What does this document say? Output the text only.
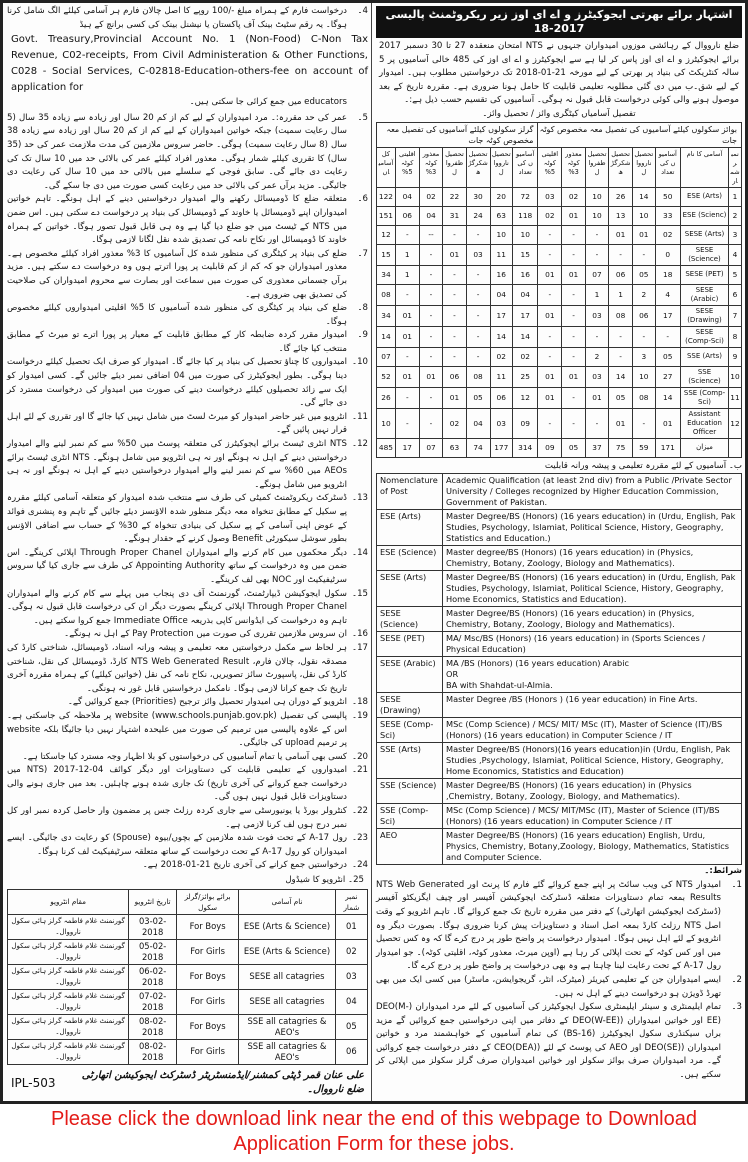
اشتہار برائے بھرتی ایجوکیٹرز و اے ای اوز زیر ریکروٹمنٹ پالیسی 2017-18

ضلع نارووال کے رہائشی موزوں امیدواران جنہوں نے NTS امتحان منعقدہ 27 تا 30 دسمبر 2017 برائے ایجوکیٹرز و اے ای اوز پاس کر لیا ہے سے ایجوکیٹرز و اے ای اوز کی 485 خالی آسامیوں پر 5 سالہ کنٹریکٹ کی بنیاد پر بھرتی کے لیے مورخہ 21-01-2018 تک درخواستیں مطلوب ہیں۔ امیدوار کے لیے شق۔ب میں دی گئی مطلوبہ تعلیمی قابلیت کا حامل ہونا ضروری ہے۔ مقررہ تاریخ کے بعد موصول ہونے والی کوئی درخواست قابل قبول نہ ہوگی۔ آسامیوں کی تقسیم حسب ذیل ہے:۔

تفصیل آسامیاں کیٹگری وائز / تحصیل وائز۔

بوائز سکولوں کیلئے آسامیوں کی تفصیل معہ مخصوص کوٹہ جات								گرلز سکولوں کیلئے آسامیوں کی تفصیل معہ مخصوص کوٹہ جات						
نمبر شمار	آسامی کا نام	آسامیوں کی تعداد	تحصیل نارووال	تحصیل شکرگڑھ	تحصیل ظفروال	معذور کوٹہ 3%	اقلیتی کوٹہ 5%	آسامیوں کی تعداد	تحصیل نارووال	تحصیل شکرگڑھ	تحصیل ظفروال	معذور کوٹہ 3%	اقلیتی کوٹہ 5%	کل آسامیاں
1	ESE (Arts)	50	14	26	10	02	03	72	20	30	22	02	04	122
2	ESE (Scienc)	33	10	13	10	01	02	118	63	24	31	04	06	151
3	SESE (Arts)	02	01	01	-	-	-	10	10	-	-	--	-	12
4	SESE (Science)	0	-	-	-	-	-	15	11	03	01	-	1	15
5	SESE (PET)	18	05	06	07	01	01	16	16	-	-	-	1	34
6	SESE (Arabic)	4	2	1	1	-	-	04	04	-	-	-	-	08
7	SESE (Drawing)	17	06	08	03	-	01	17	17	-	-	-	01	34
8	SESE (Comp-Sci)	-	-	-	-	-	-	14	14	-	-	-	01	14
9	SSE (Arts)	05	3	-	2	-	-	02	02	-	-	-	-	07
10	SSE (Science)	27	10	14	03	01	01	25	11	08	06	01	01	52
11	SSE (Comp-Sci)	14	08	05	01	-	01	12	06	05	01	-	-	26
12	Assistant Education Officer	01	-	01	-	-	-	09	03	04	02	-	-	10
	میزان	171	59	75	37	05	09	314	177	74	63	07	17	485

ب۔ آسامیوں کے لئے مقررہ تعلیمی و پیشہ ورانہ قابلیت

Nomenclature of Post	Academic Qualification (at least 2nd div) from a Public /Private Sector University / Colleges recognized by Higher Education Commission, Government of Pakistan.
ESE (Arts)	Master Degree/BS (Honors) (16 years education) in (Urdu, English, Pak Studies, Psychology, Islamiat, Political Science, History, Geography, Statistics and Education.)
ESE (Science)	Master degree/BS (Honors) (16 years education) in (Physics, Chemistry, Botany, Zoology, Biology and Mathematics).
SESE (Arts)	Master Degree/BS (Honors) (16 years education) in (Urdu, English, Pak Studies, Psychology, Islamiat, Political Science, History, Geography, Home Economics, Statistics and Education).
SESE (Science)	Master Degree/BS (Honors) (16 years education) in (Physics, Chemistry, Botany, Zoology, Biology and Mathematics).
SESE (PET)	MA/ Msc/BS (Honors) (16 years education) in (Sports Sciences / Physical Education)
SESE (Arabic)	MA /BS (Honors) (16 years education) Arabic
OR
BA with Shahdat-ul-Almia.
SESE (Drawing)	Master Degree /BS (Honors ) (16 year education) in Fine Arts.
SESE (Comp-Sci)	MSc (Comp Science) / MCS/ MIT/ MSc (IT), Master of Science (IT)/BS (Honors) (16 years education) in Computer Science / IT
SSE (Arts)	Master Degree/BS (Honors)(16 years education)in (Urdu, English, Pak Studies ,Psychology, Islamiat, Political Science, History, Geography, Home Economics, Statistics and Education)
SSE (Science)	Master Degree/BS (Honors) (16 years education) in (Physics ,Chemistry, Botany, Zoology, Biology, and Mathematics).
SSE (Comp-Sci)	MSc (Comp Science) / MCS/ MIT/MSc (IT), Master of Science (IT)/BS (Honors) (16 years education) in Computer Science / IT
AEO	Master Degree/BS (Honors) (16 years education) English, Urdu, Physics, Chemistry, Botany,Zoology, Biology, Mathematics, Statistics and Computer Science.

شرائط:۔

1۔
امیدوار NTS کی ویب سائٹ پر اپنے جمع کروائے گئے فارم کا پرنٹ اور NTS Web Generated Results بمعہ تمام دستاویزات متعلقہ ڈسٹرکٹ ایجوکیشن آفیسر اور چیف ایگزیکٹو آفیسر (ڈسٹرکٹ ایجوکیشن اتھارٹی) کے دفتر میں مقررہ تاریخ تک جمع کروائے گا۔ تاہم انٹرویو کے وقت اصل NTS رزلٹ کارڈ بمعہ اصل اسناد و دستاویزات پیش کرنا ضروری ہوگا۔ بصورت دیگر وہ انٹرویو کے لئے اہل نہیں ہوگا۔ امیدوار درخواست پر واضح طور پر درج کرے گا کہ وہ کس تحصیل میں اور کس کوٹہ کے تحت اپلائی کر رہا ہے (اوپن میرٹ، معذور کوٹہ، اقلیتی کوٹہ)۔ جو امیدوار رول 17-A کے تحت رعایت لینا چاہتا ہے وہ بھی درخواست پر واضح طور پر درج کرے گا۔
2۔
ایسے امیدواران جن کے تعلیمی کیریئر (میٹرک، انٹر، گریجوایشن، ماسٹر) میں کسی ایک میں بھی تھرڈ ڈویژن ہو درخواست دینے کے اہل نہ ہیں۔
3۔
تمام ایلیمنٹری و سینئر ایلیمنٹری سکول ایجوکیٹرز کی آسامیوں کے لئے مرد امیدواران (DEO(M-EE) اور خواتین امیدواران (DEO(W-EE) کے دفاتر میں اپنی درخواستیں جمع کروائیں گے مزید براں سیکنڈری سکول ایجوکیٹرز (BS-16) کی تمام آسامیوں کے خواہشمند مرد و خواتین امیدواران (DEO(SE) اور AEO کی پوسٹ کے لئے (CEO(DEA) کے دفتر درخواست جمع کروائیں گے۔ مرد امیدواران صرف بوائز سکولز اور خواتین امیدواران صرف گرلز سکولز میں اپلائی کر سکتے ہیں۔
4۔
درخواست فارم کے ہمراہ مبلغ -/100 روپے کا اصل چالان فارم ہر آسامی کیلئے الگ شامل کرنا ہوگا۔ یہ رقم سٹیٹ بینک آف پاکستان یا نیشنل بینک کی کسی برانچ کے ہیڈ

Govt. Treasury,Provincial Account No. 1 (Non-Food) C-Non Tax Revenue, C02-receipts, From Civil Administeration & Other Functions, C028 - Social Services, C-02818-Education-others-fee on account of application for

educators میں جمع کرائی جا سکتی ہیں۔

5۔
عمر کی حد مقررہ:۔ مرد امیدواران کے لیے کم از کم 20 سال اور زیادہ سے زیادہ 35 سال (5 سال رعایت سمیت) جبکہ خواتین امیدواران کے لیے کم از کم 20 سال اور زیادہ سے زیادہ 38 سال (8 سال رعایت سمیت) ہوگی۔ حاضر سروس ملازمین کی مدت ملازمت عمر کی حد (35 سال) کا تقرری کیلئے شمار ہوگی۔ معذور افراد کیلئے عمر کی بالائی حد میں 10 سال تک کی رعایت دی جائے گی۔ سابق فوجی کے سلسلے میں بالائی حد میں 10 سال کی رعایت دی جائیگی۔ مزید برآں عمر کی بالائی حد میں رعایت کسی صورت میں دی جا سکے گی۔
6۔
متعلقہ ضلع کا ڈومیسائل رکھنے والے امیدوار درخواستیں دینے کے اہل ہونگے۔ تاہم خواتین امیدواران اپنے ڈومیسائل یا خاوند کے ڈومیسائل کی بنیاد پر درخواست دے سکتی ہیں۔ اس ضمن میں NTS کے ٹیسٹ میں جو ضلع دیا گیا ہے وہ ہی قابل قبول تصور ہوگا۔ خواتین کے ہمراہ خاوند کا ڈومیسائل اور نکاح نامہ کی تصدیق شدہ نقل لگانا لازمی ہوگا۔
7۔
ضلع کی بنیاد پر کیٹگری کی منظور شدہ کل آسامیوں کا 3% معذور افراد کیلئے مخصوص ہے۔ معذور امیدواران جو کہ کم از کم قابلیت پر پورا اترتے ہوں وہ درخواست دے سکتے ہیں۔ مزید برآں جسمانی معذوری کی صورت میں سماعت اور بصارت سے محروم امیدواران کی صلاحیت کی تصدیق بھی ضروری ہے۔
8۔
ضلع کی بنیاد پر کیٹگری کی منظور شدہ آسامیوں کا 5% اقلیتی امیدواروں کیلئے مخصوص ہوگا۔
9۔
امیدوار مقرر کردہ ضابطہ کار کے مطابق قابلیت کے معیار پر پورا اترے تو میرٹ کے مطابق منتخب کیا جائے گا۔
10۔
امیدواروں کا چناؤ تحصیل کی بنیاد پر کیا جائے گا۔ امیدوار کو صرف ایک تحصیل کیلئے درخواست دینا ہوگی۔ بطور ایجوکیٹرز کی صورت میں 04 اضافی نمبر دیئے جائیں گے۔ کسی امیدوار کو ایک سے زائد تحصیلوں کیلئے درخواست دینے کی صورت میں امیدوار کی درخواست مسترد کر دی جائے گی۔
11۔
انٹرویو میں غیر حاضر امیدوار کو میرٹ لسٹ میں شامل نہیں کیا جائے گا اور تقرری کے لئے اہل قرار نہیں پائیں گے۔
12۔
NTS انٹری ٹیسٹ برائے ایجوکیٹرز کی متعلقہ پوسٹ میں 50% سے کم نمبر لینے والے امیدوار درخواستیں دینے کے اہل نہ ہونگے اور نہ ہی انٹرویو میں شامل ہونگے۔ NTS انٹری ٹیسٹ برائے AEOs میں 60% سے کم نمبر لینے والے امیدوار درخواستیں دینے کے اہل نہ ہونگے اور نہ ہی انٹرویو میں شامل ہونگے۔
13۔
ڈسٹرکٹ ریکروٹمنٹ کمیٹی کی طرف سے منتخب شدہ امیدوار کو متعلقہ آسامی کیلئے مقررہ پے سکیل کے مطابق تنخواہ معہ دیگر منظور شدہ الاؤنسز دیئے جائیں گے تاہم وہ پنشنری فوائد کے عوض اپنی آسامی کے پے سکیل کی بنیادی تنخواہ کے 30% کے حساب سے اضافی الاؤنس بطور سوشل سیکورٹی Benefit وصول کرنے کے حقدار ہونگے۔
14۔
دیگر محکموں میں کام کرنے والے امیدواران Through Proper Chanel اپلائی کرینگے۔ اس ضمن میں وہ درخواست کے ساتھ Appointing Authority کی طرف سے جاری کیا گیا سروس سرٹیفیکیٹ اور NOC بھی لف کرینگے۔
15۔
سکول ایجوکیشن ڈیپارٹمنٹ، گورنمنٹ آف دی پنجاب میں پہلے سے کام کرنے والے امیدواران Through Proper Chanel اپلائی کرینگے بصورت دیگر ان کی درخواست قابل قبول نہ ہوگی۔ تاہم وہ درخواست کی ایڈوانس کاپی بذریعہ Immediate Office جمع کروا سکتے ہیں۔
16۔
ان سروس ملازمین تقرری کی صورت میں Pay Protection کے اہل نہ ہونگے۔
17۔
ہر لحاظ سے مکمل درخواستیں معہ تعلیمی و پیشہ ورانہ اسناد، ڈومیسائل، شناختی کارڈ کی مصدقہ نقول، چالان فارم، NTS Web Generated Result کارڈ، ڈومیسائل کی نقل، شناختی کارڈ کی نقل، پاسپورٹ سائز تصویریں، نکاح نامہ کی نقل (خواتین کیلئے) کے ہمراہ مقررہ آخری تاریخ تک جمع کرانا لازمی ہوگا۔ نامکمل درخواستیں قابل غور نہ ہونگی۔
18۔
انٹرویو کے دوران ہی امیدوار تحصیل وائز ترجیح (Priorities) جمع کروائیں گے۔
19۔
پالیسی کی تفصیل website (www.schools.punjab.gov.pk) پر ملاحظہ کی جاسکتی ہے۔ اس کے علاوہ پالیسی میں ترمیم کی صورت میں علیحدہ اشتہار نہیں دیا جائیگا بلکہ website پر ترمیم upload کی جائیگی۔
20۔
کسی بھی آسامی یا تمام آسامیوں کی درخواستوں کو بلا اظہار وجہ مسترد کیا جاسکتا ہے۔
21۔
امیدواروں کے تعلیمی قابلیت کی دستاویزات اور دیگر کوائف 04-12-2017 (NTS میں درخواست جمع کروانے کی آخری تاریخ) تک جاری شدہ ہونے چاہئیں۔ بعد میں جاری ہونے والی دستاویزات قابل قبول نہیں ہوں گی۔
22۔
کنٹرولر بورڈ یا یونیورسٹی سے جاری کردہ رزلٹ جس پر مضمون وار حاصل کردہ نمبر اور کل نمبر درج ہوں لف کرنا لازمی ہے۔
23۔
رول 17-A کے تحت فوت شدہ ملازمین کے بچوں/بیوہ (Spouse) کو رعایت دی جائیگی۔ ایسے امیدواران کو رول 17-A کے تحت درخواست کے ساتھ متعلقہ سرٹیفیکیٹ لف کرنا ہوگا۔
24۔
درخواستیں جمع کرانے کی آخری تاریخ 21-01-2018 ہے۔
25۔ انٹرویو کا شیڈول
نمبر شمار	نام آسامی	برائے بوائز/گرلز سکول	تاریخ انٹرویو	مقام انٹرویو
01	ESE (Arts & Science)	For Boys	03-02-2018	گورنمنٹ غلام فاطمہ گرلز ہائی سکول نارووال۔
02	ESE (Arts & Science)	For Girls	05-02-2018	گورنمنٹ غلام فاطمہ گرلز ہائی سکول نارووال۔
03	SESE all catagries	For Boys	06-02-2018	گورنمنٹ غلام فاطمہ گرلز ہائی سکول نارووال۔
04	SESE all catagries	For Girls	07-02-2018	گورنمنٹ غلام فاطمہ گرلز ہائی سکول نارووال۔
05	SSE all catagries & AEO's	For Boys	08-02-2018	گورنمنٹ غلام فاطمہ گرلز ہائی سکول نارووال۔
06	SSE all catagries & AEO's	For Girls	08-02-2018	گورنمنٹ غلام فاطمہ گرلز ہائی سکول نارووال۔
علی عنان قمر ڈپٹی کمشنر/ایڈمنسٹریٹر ڈسٹرکٹ ایجوکیشن اتھارٹی ضلع نارووال۔
IPL-503
Please click the download link near the end of this webpage to Download Application Form for these jobs.
